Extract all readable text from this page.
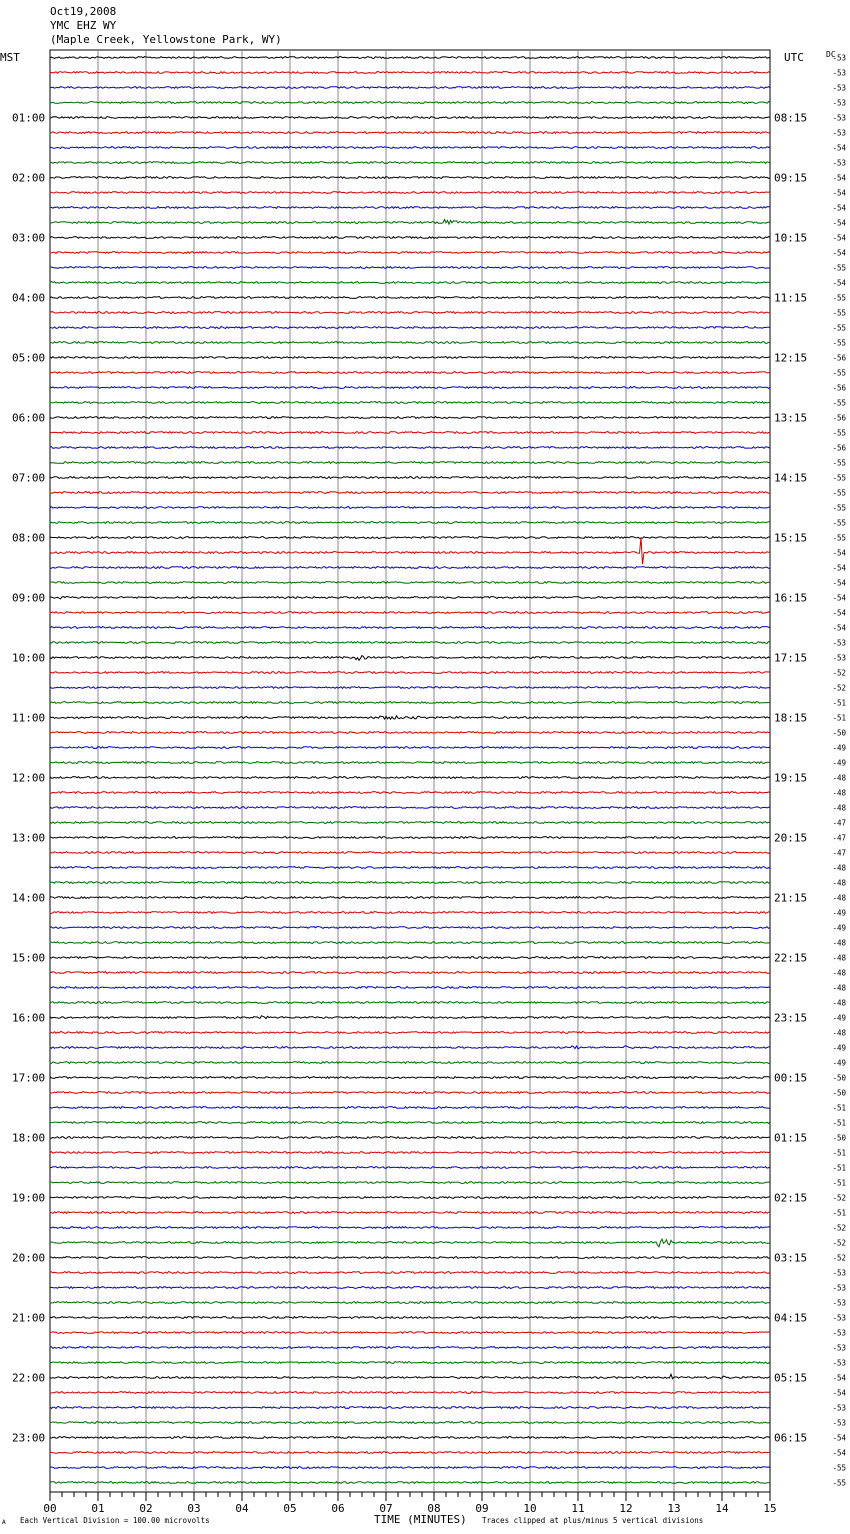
Oct19,2008
YMC EHZ WY
(Maple Creek, Yellowstone Park, WY)
MST	UTC	DC
01:00
02:00
03:00
04:00
05:00
06:00
07:00
08:00
09:00
10:00
11:00
12:00
13:00
14:00
15:00
16:00
17:00
18:00
19:00
20:00
21:00
22:00
23:00
08:15
09:15
10:15
11:15
12:15
13:15
14:15
15:15
16:15
17:15
18:15
19:15
20:15
21:15
22:15
23:15
00:15
01:15
02:15
03:15
04:15
05:15
06:15
-53
-53
-53
-53
-53
-53
-54
-53
-54
-54
-54
-54
-54
-54
-55
-54
-55
-55
-55
-55
-56
-55
-56
-55
-56
-55
-56
-55
-55
-55
-55
-55
-55
-54
-54
-54
-54
-54
-54
-53
-53
-52
-52
-51
-51
-50
-49
-49
-48
-48
-48
-47
-47
-47
-48
-48
-48
-49
-49
-48
-48
-48
-48
-48
-49
-48
-49
-49
-50
-50
-51
-51
-50
-51
-51
-51
-52
-51
-52
-52
-52
-53
-53
-53
-53
-53
-53
-53
-54
-54
-53
-53
-54
-54
-55
-55
00	01	02	03	04	05	06	07	08	09	10	11	12	13	14	15
A Each Vertical Division = 100.00 microvolts	TIME (MINUTES) Traces clipped at plus/minus 5 vertical divisions
